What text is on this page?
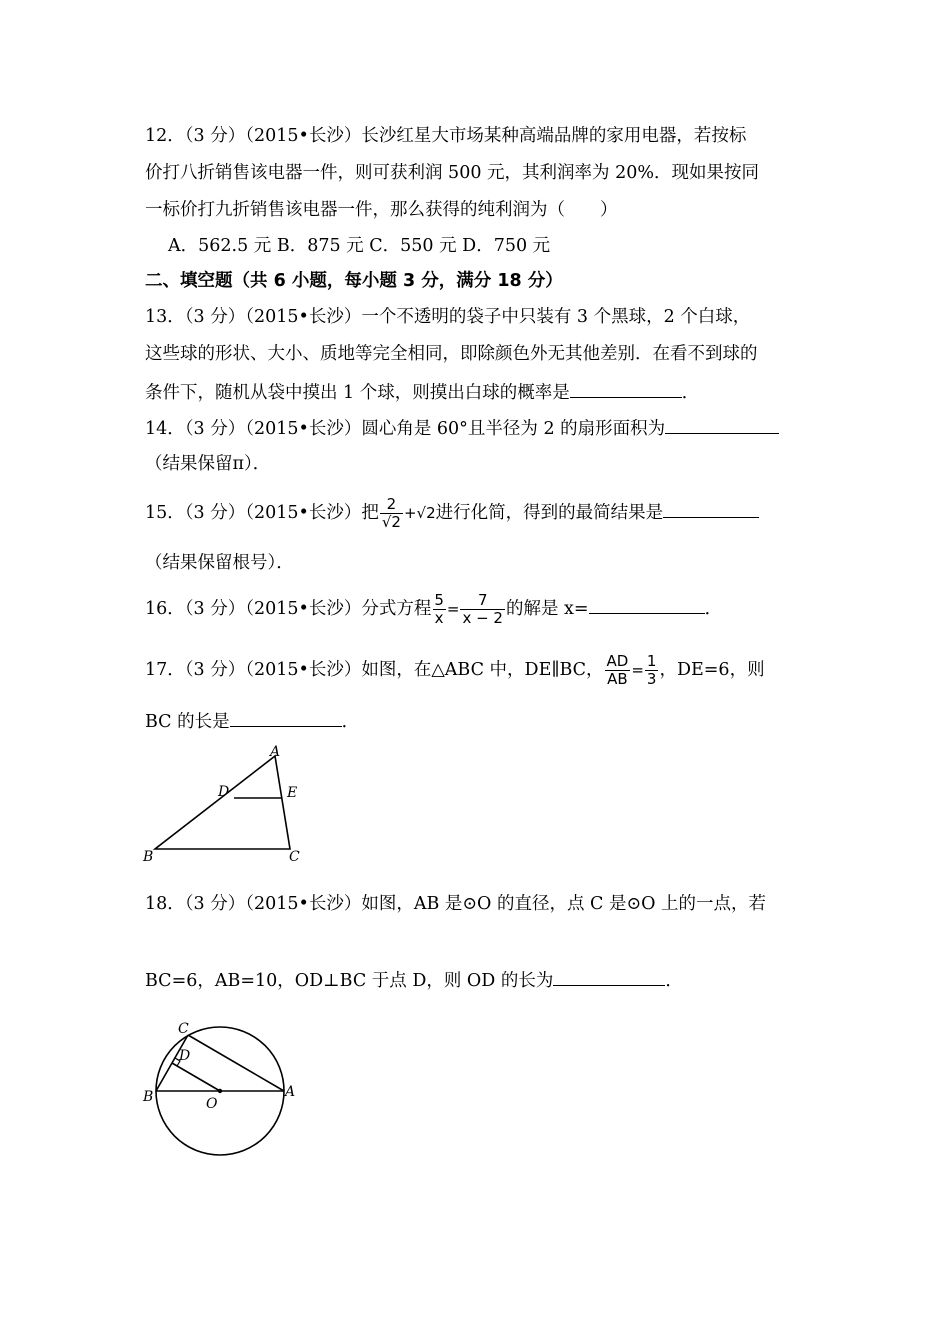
12．（3 分）（2015•长沙）长沙红星大市场某种高端品牌的家用电器，若按标
价打八折销售该电器一件，则可获利润 500 元，其利润率为 20%．现如果按同
一标价打九折销售该电器一件，那么获得的纯利润为（　　）
A．562.5 元 B．875 元 C．550 元 D．750 元
二、填空题（共 6 小题，每小题 3 分，满分 18 分）
13．（3 分）（2015•长沙）一个不透明的袋子中只装有 3 个黑球，2 个白球，
这些球的形状、大小、质地等完全相同，即除颜色外无其他差别．在看不到球的
条件下，随机从袋中摸出 1 个球，则摸出白球的概率是	．
14．（3 分）（2015•长沙）圆心角是 60°且半径为 2 的扇形面积为
（结果保留π）．
15．（3 分）（2015•长沙）把 $\frac{2}{√2} +√2$进行化简，得到的最简结果是
（结果保留根号）．
16．（3 分）（2015•长沙）分式方程 $\frac{5}{x} = \frac{7}{x - 2}$ 的解是 x=	．
17．（3 分）（2015•长沙）如图，在△ABC 中，DE∥BC， $\frac{AD}{AB} = \frac{1}{3}$ ，DE=6，则
BC 的长是	．
A
D	E
B	C
18．（3 分）（2015•长沙）如图，AB 是⊙O 的直径，点 C 是⊙O 上的一点，若
BC=6，AB=10，OD⊥BC 于点 D，则 OD 的长为	．
C
D
B	O
A
